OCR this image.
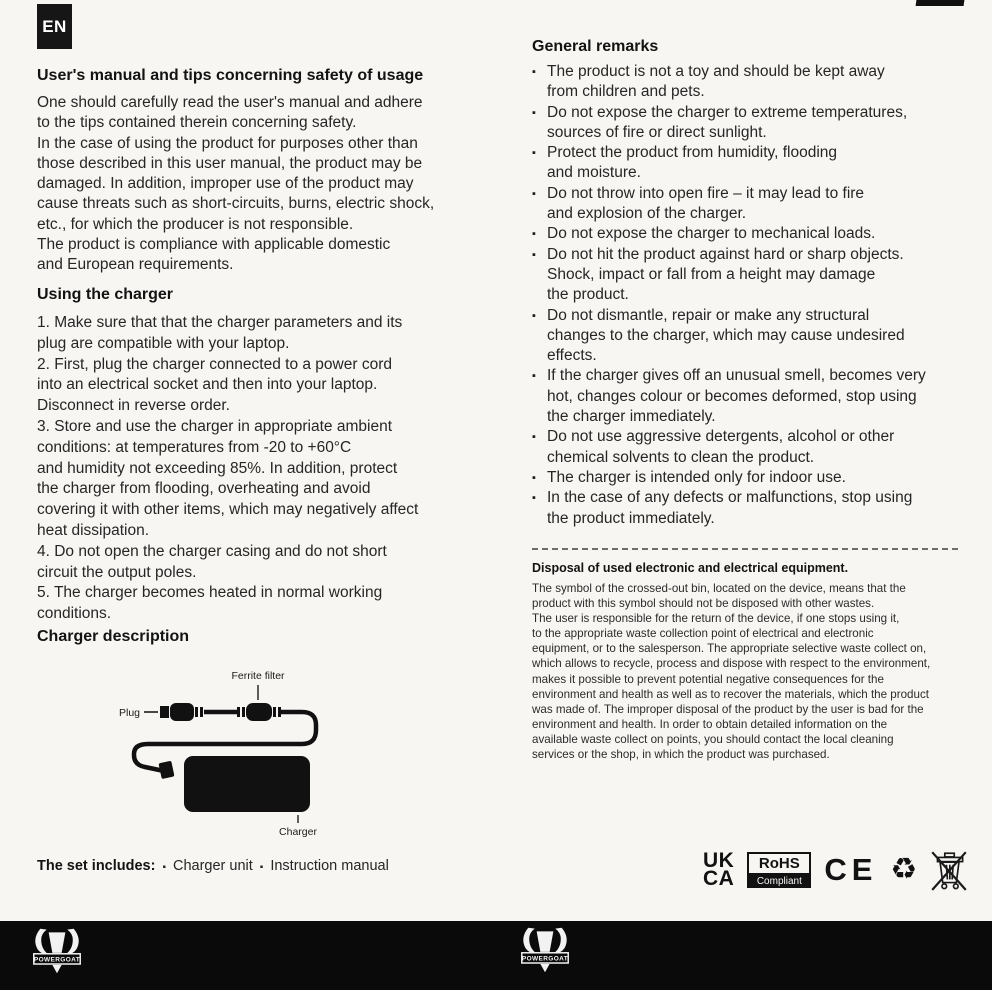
EN
User's manual and tips concerning safety of usage
One should carefully read the user's manual and adhere
to the tips contained therein concerning safety.
In the case of using the product for purposes other than
those described in this user manual, the product may be
damaged. In addition, improper use of the product may
cause threats such as short-circuits, burns, electric shock,
etc., for which the producer is not responsible.
The product is compliance with applicable domestic
and European requirements.
Using the charger
1. Make sure that that the charger parameters and its
plug are compatible with your laptop.
2. First, plug the charger connected to a power cord
into an electrical socket and then into your laptop.
Disconnect in reverse order.
3. Store and use the charger in appropriate ambient
conditions: at temperatures from -20 to +60°C
and humidity not exceeding 85%. In addition, protect
the charger from flooding, overheating and avoid
covering it with other items, which may negatively affect
heat dissipation.
4. Do not open the charger casing and do not short
circuit the output poles.
5. The charger becomes heated in normal working
conditions.
Charger description
Ferrite filter
Plug
Charger
The set includes: ▪ Charger unit ▪ Instruction manual
General remarks
▪ The product is not a toy and should be kept away
from children and pets.
▪ Do not expose the charger to extreme temperatures,
sources of fire or direct sunlight.
▪ Protect the product from humidity, flooding
and moisture.
▪ Do not throw into open fire – it may lead to fire
and explosion of the charger.
▪ Do not expose the charger to mechanical loads.
▪ Do not hit the product against hard or sharp objects.
Shock, impact or fall from a height may damage
the product.
▪ Do not dismantle, repair or make any structural
changes to the charger, which may cause undesired
effects.
▪ If the charger gives off an unusual smell, becomes very
hot, changes colour or becomes deformed, stop using
the charger immediately.
▪ Do not use aggressive detergents, alcohol or other
chemical solvents to clean the product.
▪ The charger is intended only for indoor use.
▪ In the case of any defects or malfunctions, stop using
the product immediately.
Disposal of used electronic and electrical equipment.
The symbol of the crossed-out bin, located on the device, means that the
product with this symbol should not be disposed with other wastes.
The user is responsible for the return of the device, if one stops using it,
to the appropriate waste collection point of electrical and electronic
equipment, or to the salesperson. The appropriate selective waste collect on,
which allows to recycle, process and dispose with respect to the environment,
makes it possible to prevent potential negative consequences for the
environment and health as well as to recover the materials, which the product
was made of. The improper disposal of the product by the user is bad for the
environment and health. In order to obtain detailed information on the
available waste collect on points, you should contact the local cleaning
services or the shop, in which the product was purchased.
UK
CA
RoHS
Compliant CE ♻
POWERGOAT	POWERGOAT
